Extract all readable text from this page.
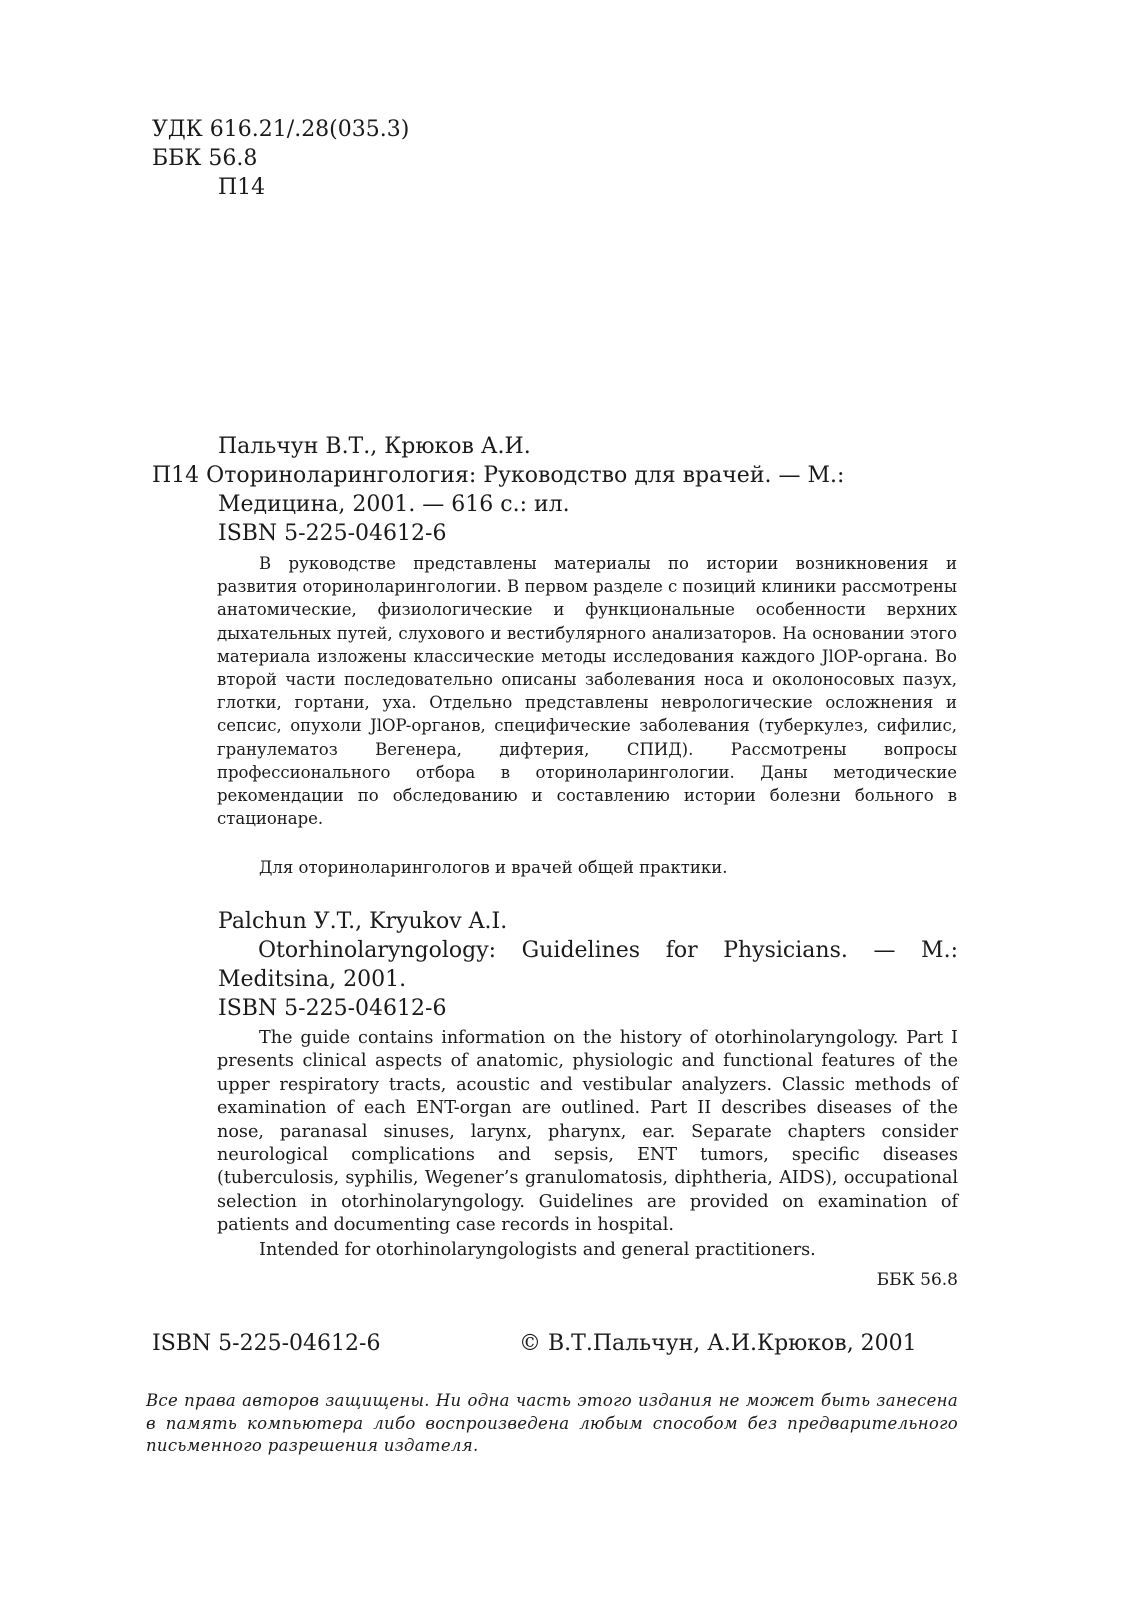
УДК 616.21/.28(035.3)
ББК 56.8
П14
Пальчун В.Т., Крюков А.И.
П14 Оториноларингология: Руководство для врачей. — М.:
Медицина, 2001. — 616 с.: ил.
ISBN 5-225-04612-6

В руководстве представлены материалы по истории возникновения и развития оториноларингологии. В первом разделе с позиций клиники рассмотрены анатомические, физиологические и функциональные особенности верхних дыхательных путей, слухового и вестибулярного анализаторов. На основании этого материала изложены классические методы исследования каждого JlOP-органа. Во второй части последовательно описаны заболевания носа и околоносовых пазух, глотки, гортани, уха. Отдельно представлены неврологические осложнения и сепсис, опухоли JlOP-органов, специфические заболевания (туберкулез, сифилис, гранулематоз Вегенера, дифтерия, СПИД). Рассмотрены вопросы профессионального отбора в оториноларингологии. Даны методические рекомендации по обследованию и составлению истории болезни больного в стационаре.

Для оториноларингологов и врачей общей практики.

Palchun У.T., Kryukov A.I.
Otorhinolaryngology: Guidelines for Physicians. — M.: Meditsina, 2001.
ISBN 5-225-04612-6

The guide contains information on the history of otorhinolaryngology. Part I presents clinical aspects of anatomic, physiologic and functional features of the upper respiratory tracts, acoustic and vestibular analyzers. Classic methods of examination of each ENT-organ are outlined. Part II describes diseases of the nose, paranasal sinuses, larynx, pharynx, ear. Separate chapters consider neurological complications and sepsis, ENT tumors, specific diseases (tuberculosis, syphilis, Wegener’s granulomatosis, diphtheria, AIDS), occupational selection in otorhinolaryngology. Guidelines are provided on examination of patients and documenting case records in hospital.

Intended for otorhinolaryngologists and general practitioners.

ББК 56.8
ISBN 5-225-04612-6	© В.Т.Пальчун, А.И.Крюков, 2001
Все права авторов защищены. Ни одна часть этого издания не может быть занесена в память компьютера либо воспроизведена любым способом без предварительного письменного разрешения издателя.
